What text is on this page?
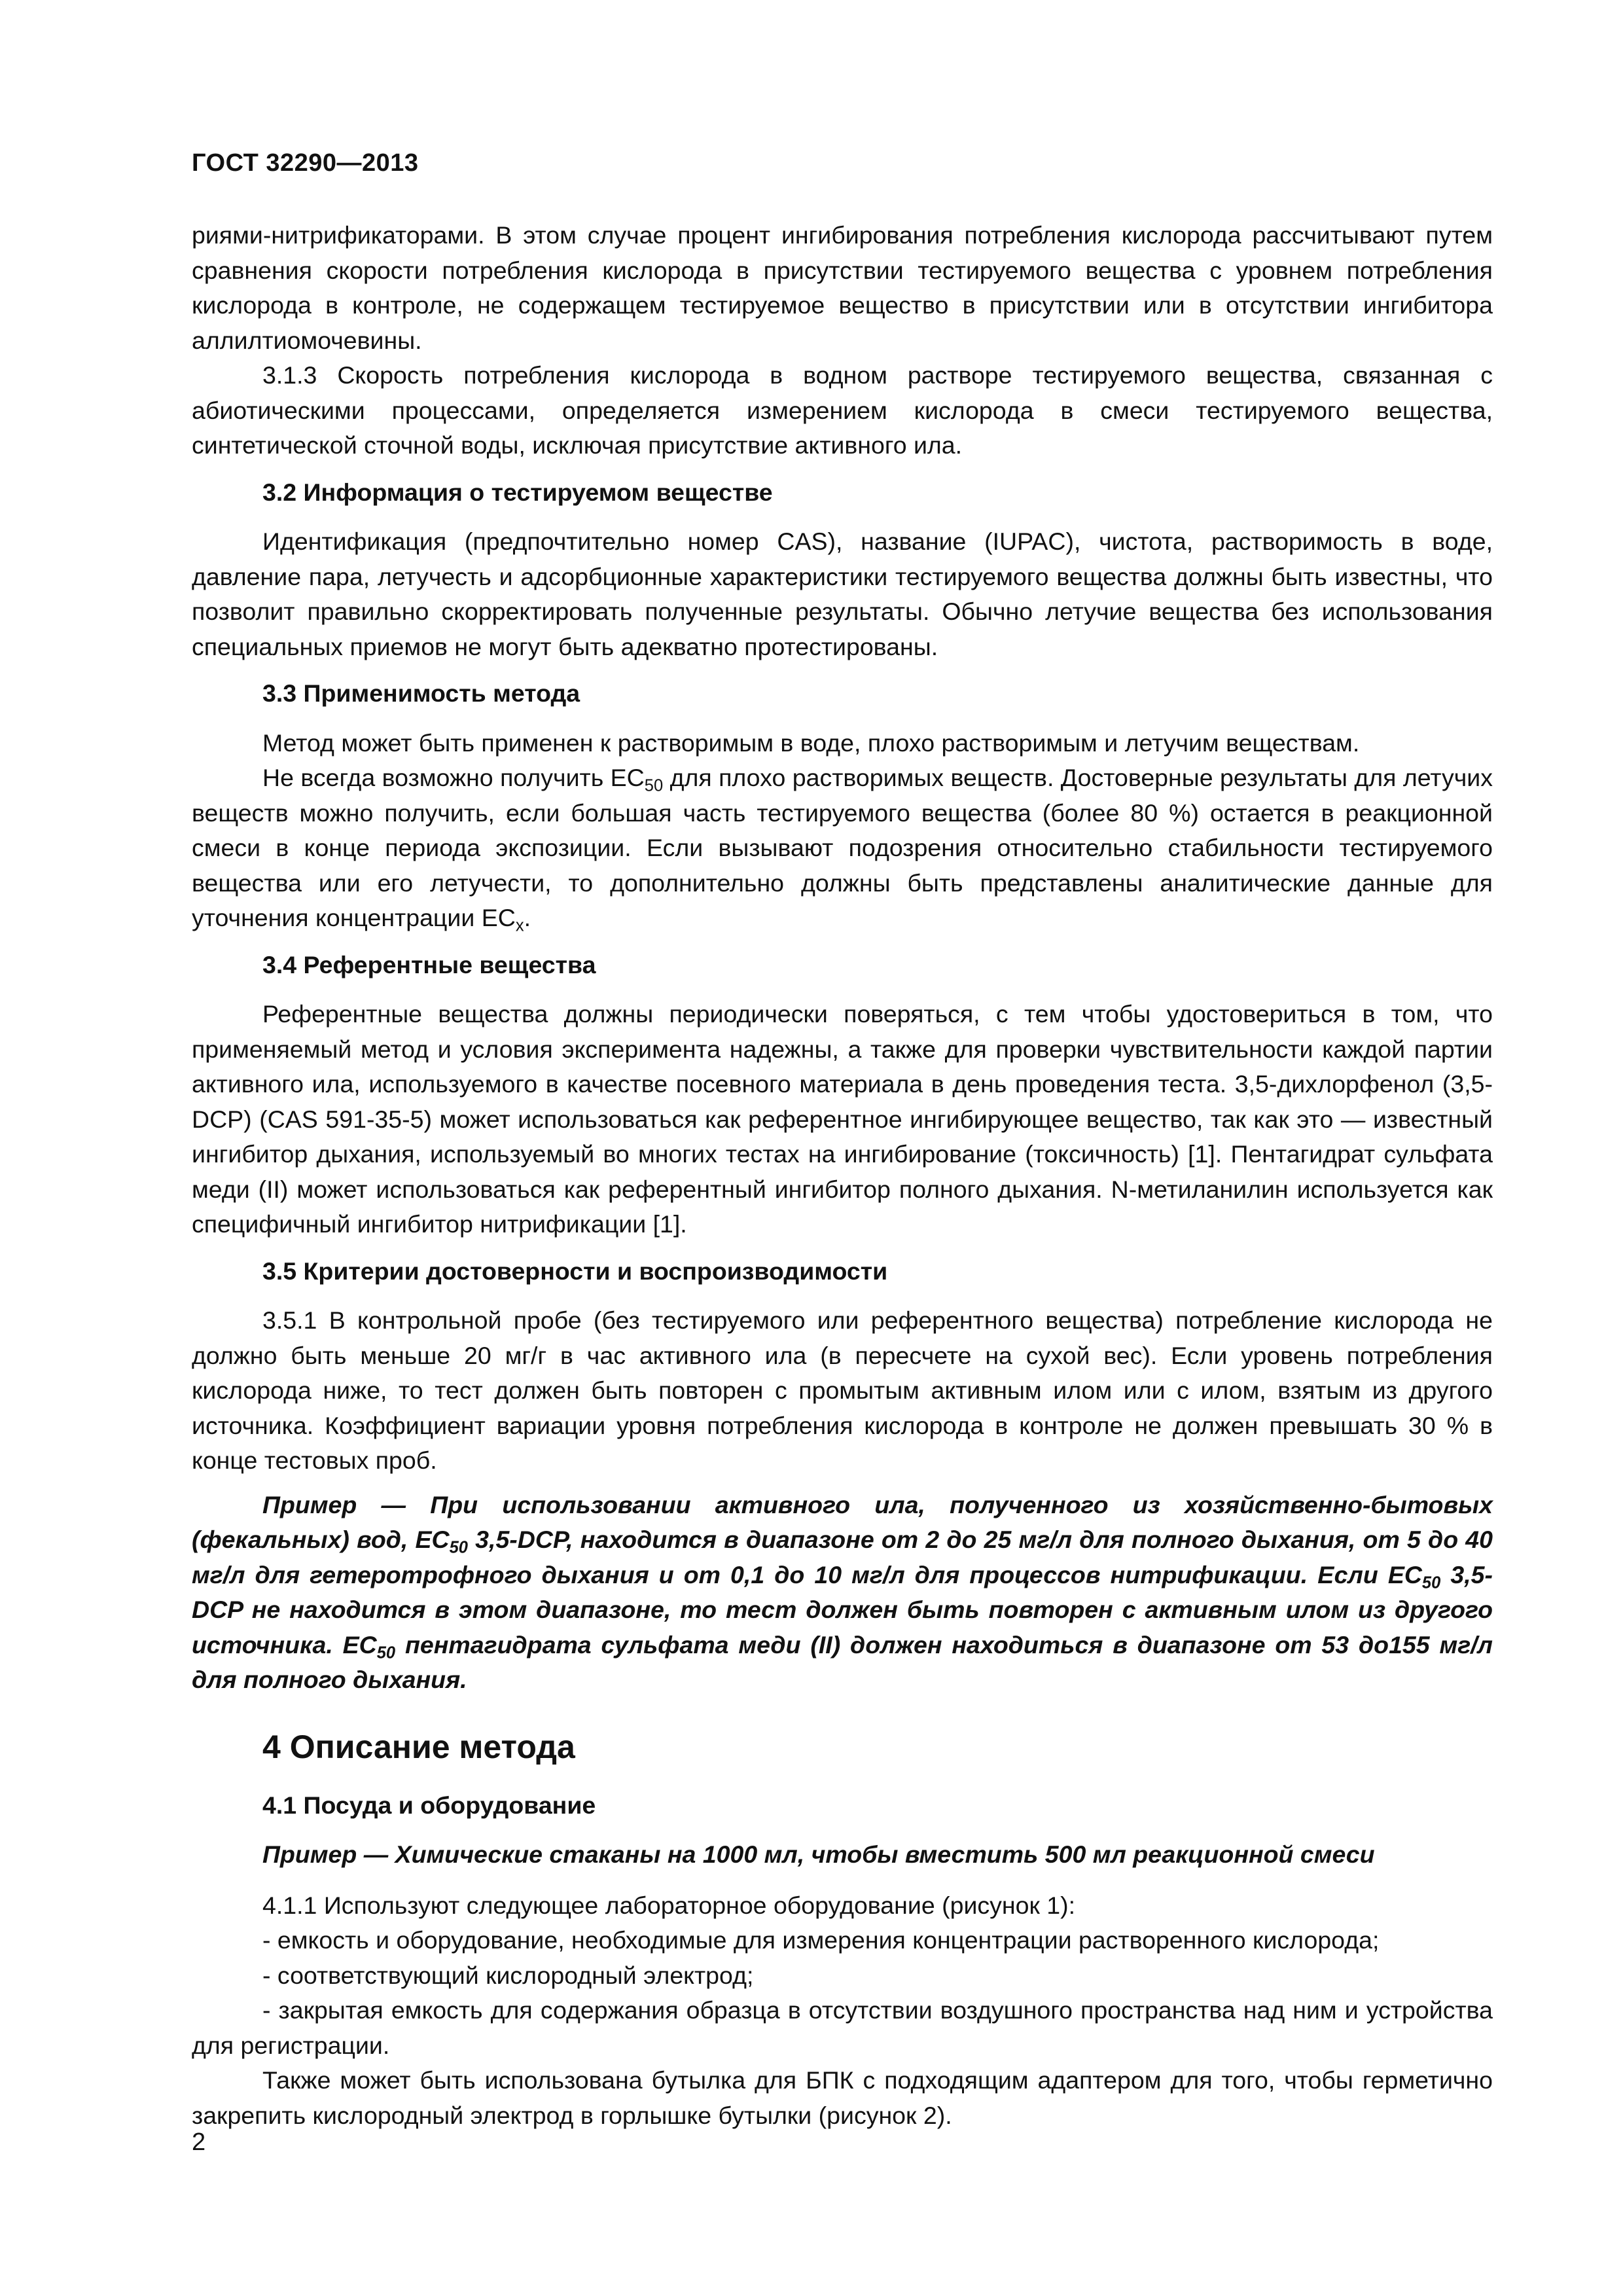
ГОСТ 32290—2013

риями-нитрификаторами. В этом случае процент ингибирования потребления кислорода рассчитывают путем сравнения скорости потребления кислорода в присутствии тестируемого вещества с уровнем потребления кислорода в контроле, не содержащем тестируемое вещество в присутствии или в отсутствии ингибитора аллилтиомочевины.

3.1.3 Скорость потребления кислорода в водном растворе тестируемого вещества, связанная с абиотическими процессами, определяется измерением кислорода в смеси тестируемого вещества, синтетической сточной воды, исключая присутствие активного ила.

3.2 Информация о тестируемом веществе

Идентификация (предпочтительно номер CAS), название (IUPAC), чистота, растворимость в воде, давление пара, летучесть и адсорбционные характеристики тестируемого вещества должны быть известны, что позволит правильно скорректировать полученные результаты. Обычно летучие вещества без использования специальных приемов не могут быть адекватно протестированы.

3.3 Применимость метода

Метод может быть применен к растворимым в воде, плохо растворимым и летучим веществам.

Не всегда возможно получить $EC_{50}$ для плохо растворимых веществ. Достоверные результаты для летучих веществ можно получить, если большая часть тестируемого вещества (более 80 %) остается в реакционной смеси в конце периода экспозиции. Если вызывают подозрения относительно стабильности тестируемого вещества или его летучести, то дополнительно должны быть представлены аналитические данные для уточнения концентрации $EC_x$.

3.4 Референтные вещества

Референтные вещества должны периодически поверяться, с тем чтобы удостовериться в том, что применяемый метод и условия эксперимента надежны, а также для проверки чувствительности каждой партии активного ила, используемого в качестве посевного материала в день проведения теста. 3,5-дихлорфенол (3,5-DCP) (CAS 591-35-5) может использоваться как референтное ингибирующее вещество, так как это — известный ингибитор дыхания, используемый во многих тестах на ингибирование (токсичность) [1]. Пентагидрат сульфата меди (II) может использоваться как референтный ингибитор полного дыхания. N-метиланилин используется как специфичный ингибитор нитрификации [1].

3.5 Критерии достоверности и воспроизводимости

3.5.1 В контрольной пробе (без тестируемого или референтного вещества) потребление кислорода не должно быть меньше 20 мг/г в час активного ила (в пересчете на сухой вес). Если уровень потребления кислорода ниже, то тест должен быть повторен с промытым активным илом или с илом, взятым из другого источника. Коэффициент вариации уровня потребления кислорода в контроле не должен превышать 30 % в конце тестовых проб.

Пример — При использовании активного ила, полученного из хозяйственно-бытовых (фекальных) вод, $EC_{50}$ 3,5-DCP, находится в диапазоне от 2 до 25 мг/л для полного дыхания, от 5 до 40 мг/л для гетеротрофного дыхания и от 0,1 до 10 мг/л для процессов нитрификации. Если $EC_{50}$ 3,5-DCP не находится в этом диапазоне, то тест должен быть повторен с активным илом из другого источника. $EC_{50}$ пентагидрата сульфата меди (II) должен находиться в диапазоне от 53 до155 мг/л для полного дыхания.

4 Описание метода

4.1 Посуда и оборудование

Пример — Химические стаканы на 1000 мл, чтобы вместить 500 мл реакционной смеси

4.1.1 Используют следующее лабораторное оборудование (рисунок 1):

- емкость и оборудование, необходимые для измерения концентрации растворенного кислорода;
- соответствующий кислородный электрод;
- закрытая емкость для содержания образца в отсутствии воздушного пространства над ним и устройства для регистрации.

Также может быть использована бутылка для БПК с подходящим адаптером для того, чтобы герметично закрепить кислородный электрод в горлышке бутылки (рисунок 2).

2
